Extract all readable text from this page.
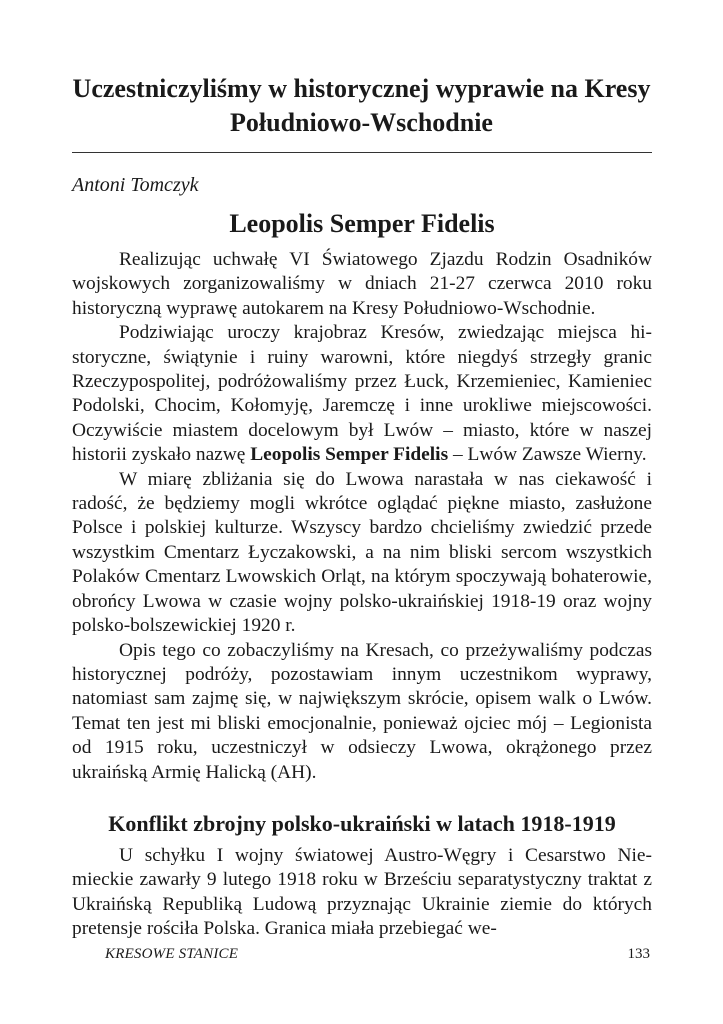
Uczestniczyliśmy w historycznej wyprawie na Kresy Południowo-Wschodnie
Antoni Tomczyk
Leopolis Semper Fidelis

Realizując uchwałę VI Światowego Zjazdu Rodzin Osadników wojskowych zorganizowaliśmy w dniach 21-27 czerwca 2010 roku historyczną wyprawę autokarem na Kresy Południowo-Wschodnie.

Podziwiając uroczy krajobraz Kresów, zwiedzając miejsca historyczne, świątynie i ruiny warowni, które niegdyś strzegły granic Rzeczypospolitej, podróżowaliśmy przez Łuck, Krzemieniec, Kamieniec Podolski, Chocim, Kołomyję, Jaremczę i inne urokliwe miejscowości. Oczywiście miastem docelowym był Lwów – miasto, które w naszej historii zyskało nazwę Leopolis Semper Fidelis – Lwów Zawsze Wierny.

W miarę zbliżania się do Lwowa narastała w nas ciekawość i radość, że będziemy mogli wkrótce oglądać piękne miasto, zasłużone Polsce i polskiej kulturze. Wszyscy bardzo chcieliśmy zwiedzić przede wszystkim Cmentarz Łyczakowski, a na nim bliski sercom wszystkich Polaków Cmentarz Lwowskich Orląt, na którym spoczywają bohaterowie, obrońcy Lwowa w czasie wojny polsko-ukraińskiej 1918-19 oraz wojny polsko-bolszewickiej 1920 r.

Opis tego co zobaczyliśmy na Kresach, co przeżywaliśmy podczas historycznej podróży, pozostawiam innym uczestnikom wyprawy, natomiast sam zajmę się, w największym skrócie, opisem walk o Lwów. Temat ten jest mi bliski emocjonalnie, ponieważ ojciec mój – Legionista od 1915 roku, uczestniczył w odsieczy Lwowa, okrążonego przez ukraińską Armię Halicką (AH).

Konflikt zbrojny polsko-ukraiński w latach 1918-1919

U schyłku I wojny światowej Austro-Węgry i Cesarstwo Niemieckie zawarły 9 lutego 1918 roku w Brześciu separatystyczny traktat z Ukraińską Republiką Ludową przyznając Ukrainie ziemie do których pretensje rościła Polska. Granica miała przebiegać we-

KRESOWE STANICE	133
